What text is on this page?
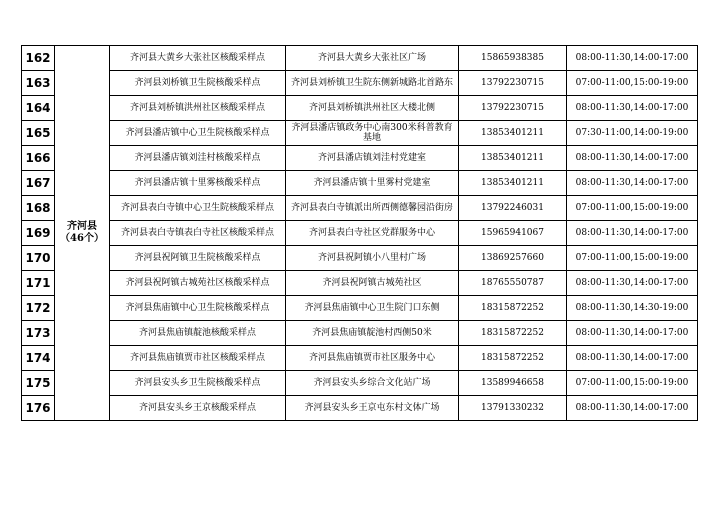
162	齐河县（46个）	齐河县大黄乡大张社区核酸采样点	齐河县大黄乡大张社区广场	15865938385	08:00-11:30,14:00-17:00
163		齐河县刘桥镇卫生院核酸采样点	齐河县刘桥镇卫生院东侧新城路北首路东	13792230715	07:00-11:00,15:00-19:00
164		齐河县刘桥镇洪州社区核酸采样点	齐河县刘桥镇洪州社区大楼北侧	13792230715	08:00-11:30,14:00-17:00
165		齐河县潘店镇中心卫生院核酸采样点	齐河县潘店镇政务中心南300米科普教育基地	13853401211	07:30-11:00,14:00-19:00
166		齐河县潘店镇刘洼村核酸采样点	齐河县潘店镇刘洼村党建室	13853401211	08:00-11:30,14:00-17:00
167		齐河县潘店镇十里雾核酸采样点	齐河县潘店镇十里雾村党建室	13853401211	08:00-11:30,14:00-17:00
168		齐河县表白寺镇中心卫生院核酸采样点	齐河县表白寺镇派出所西侧德馨园沿街房	13792246031	07:00-11:00,15:00-19:00
169		齐河县表白寺镇表白寺社区核酸采样点	齐河县表白寺社区党群服务中心	15965941067	08:00-11:30,14:00-17:00
170		齐河县祝阿镇卫生院核酸采样点	齐河县祝阿镇小八里村广场	13869257660	07:00-11:00,15:00-19:00
171		齐河县祝阿镇古城苑社区核酸采样点	齐河县祝阿镇古城苑社区	18765550787	08:00-11:30,14:00-17:00
172		齐河县焦庙镇中心卫生院核酸采样点	齐河县焦庙镇中心卫生院门口东侧	18315872252	08:00-11:30,14:30-19:00
173		齐河县焦庙镇靛池核酸采样点	齐河县焦庙镇靛池村西侧50米	18315872252	08:00-11:30,14:00-17:00
174		齐河县焦庙镇贾市社区核酸采样点	齐河县焦庙镇贾市社区服务中心	18315872252	08:00-11:30,14:00-17:00
175		齐河县安头乡卫生院核酸采样点	齐河县安头乡综合文化站广场	13589946658	07:00-11:00,15:00-19:00
176		齐河县安头乡王京核酸采样点	齐河县安头乡王京屯东村文体广场	13791330232	08:00-11:30,14:00-17:00
